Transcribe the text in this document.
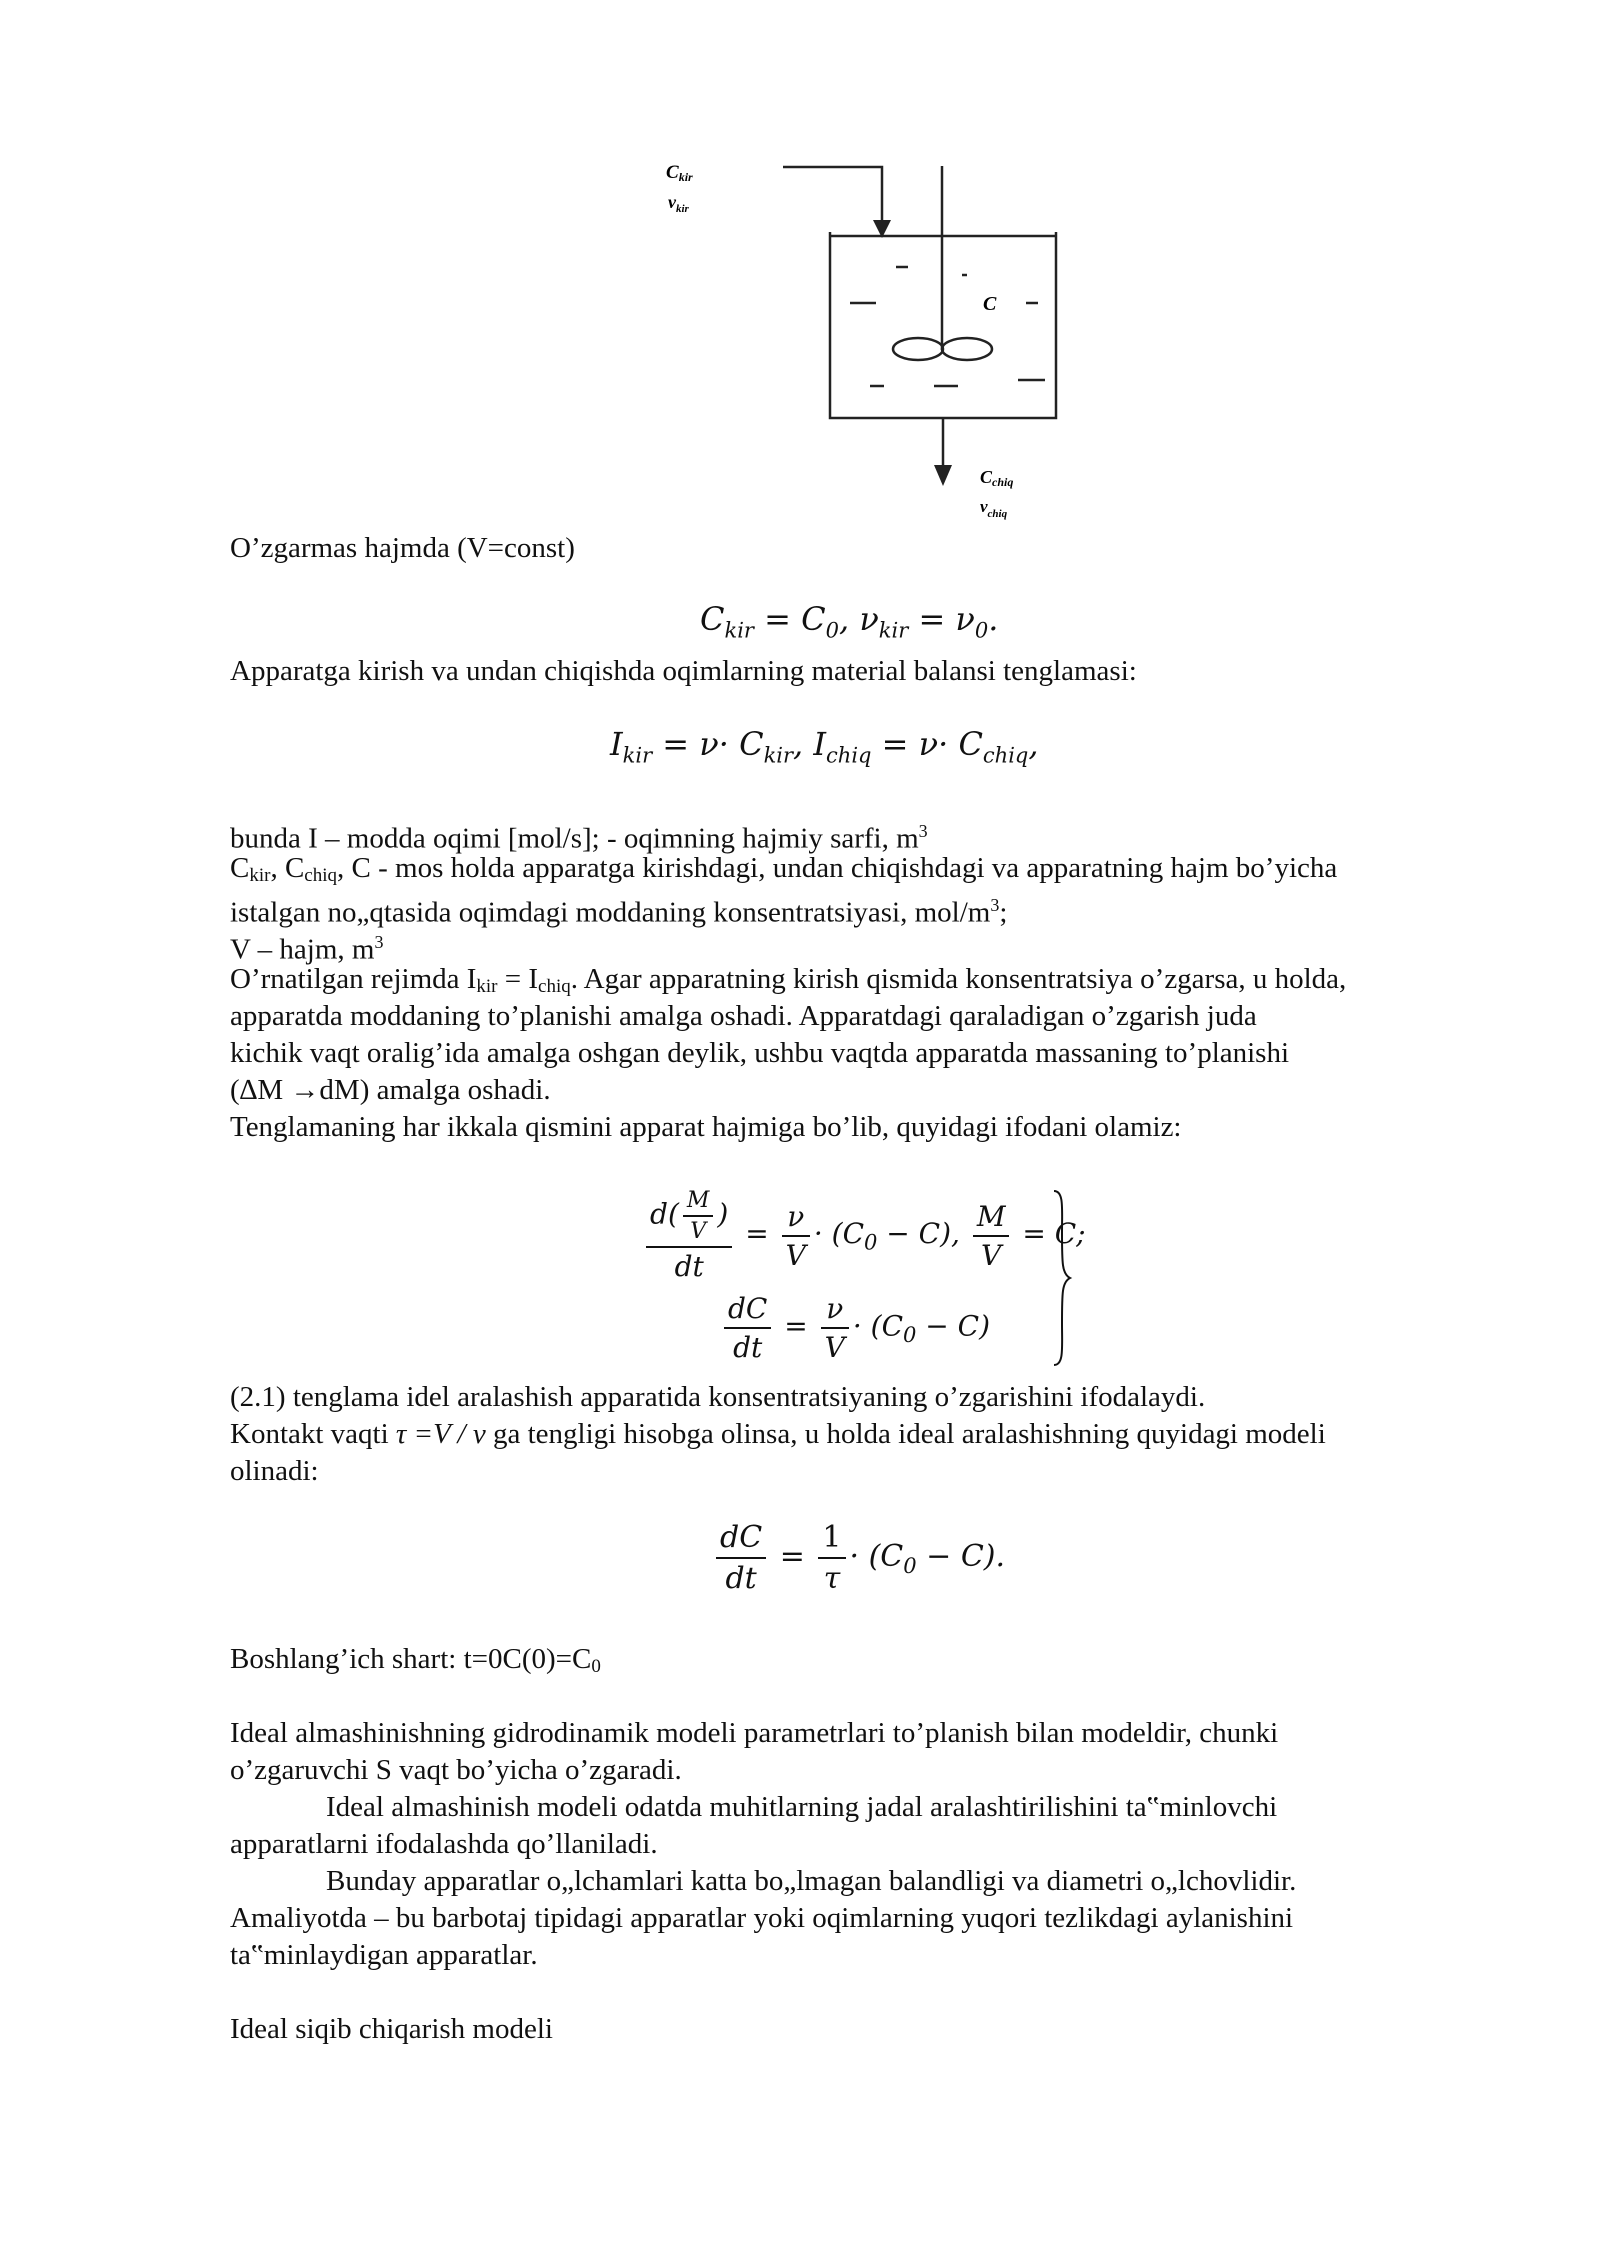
Ckir
$v_{kir}$
C
Cchiq
$v_{chiq}$

O’zgarmas hajmda (V=const)

$C_{kir} = C_0$, $\nu_{kir} = \nu_0$.

Apparatga kirish va undan chiqishda oqimlarning material balansi tenglamasi:

$I_{kir} = \nu\cdot C_{kir}$, $I_{chiq} = \nu\cdot C_{chiq}$,

bunda I – modda oqimi [mol/s]; - oqimning hajmiy sarfi, $m^3$

Ckir, Cchiq, C - mos holda apparatga kirishdagi, undan chiqishdagi va apparatning hajm bo’yicha

istalgan no„qtasida oqimdagi moddaning konsentratsiyasi, mol/$m^3$;

V – hajm, $m^3$

O’rnatilgan rejimda Ikir = Ichiq. Agar apparatning kirish qismida konsentratsiya o’zgarsa, u holda,

apparatda moddaning to’planishi amalga oshadi. Apparatdagi qaraladigan o’zgarish juda

kichik vaqt oralig’ida amalga oshgan deylik, ushbu vaqtda apparatda massaning to’planishi

(∆M →dM) amalga oshadi.

Tenglamaning har ikkala qismini apparat hajmiga bo’lib, quyidagi ifodani olamiz:

$\frac{d( \frac{M}{V} )}{dt} = \frac{\nu}{V} \cdot (C_0 - C)$, $\frac{M}{V} = C$;
$\frac{dC}{dt} = \frac{\nu}{V} \cdot (C_0 - C)$

(2.1) tenglama idel aralashish apparatida konsentratsiyaning o’zgarishini ifodalaydi.

Kontakt vaqti τ =V / ν ga tengligi hisobga olinsa, u holda ideal aralashishning quyidagi modeli

olinadi:

$\frac{dC}{dt} = \frac{1}{\tau} \cdot (C_0 - C)$.

Boshlang’ich shart: t=0C(0)=C0

Ideal almashinishning gidrodinamik modeli parametrlari to’planish bilan modeldir, chunki

o’zgaruvchi S vaqt bo’yicha o’zgaradi.

Ideal almashinish modeli odatda muhitlarning jadal aralashtirilishini ta‟minlovchi

apparatlarni ifodalashda qo’llaniladi.

Bunday apparatlar o„lchamlari katta bo„lmagan balandligi va diametri o„lchovlidir.

Amaliyotda – bu barbotaj tipidagi apparatlar yoki oqimlarning yuqori tezlikdagi aylanishini

ta‟minlaydigan apparatlar.

Ideal siqib chiqarish modeli
